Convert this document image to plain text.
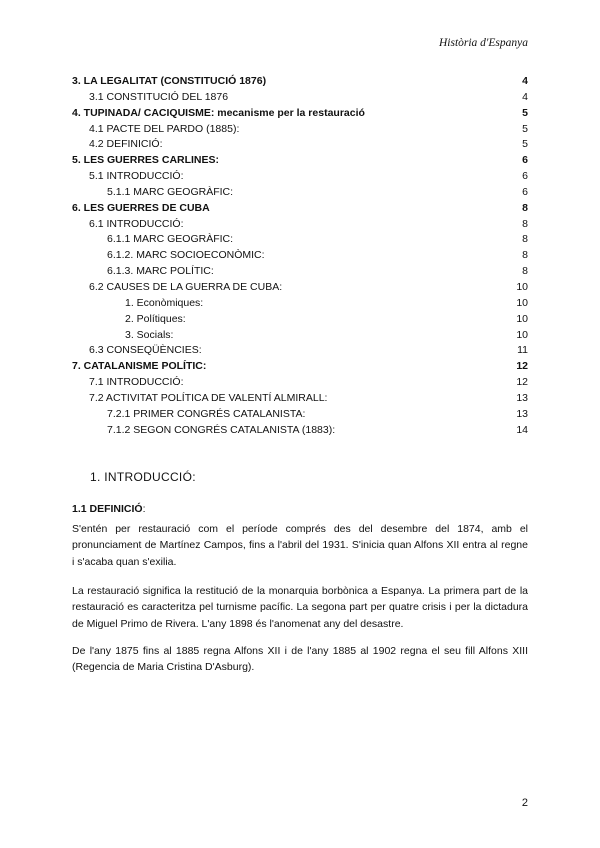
Història d'Espanya
3. LA LEGALITAT (CONSTITUCIÓ 1876)	4
3.1 CONSTITUCIÓ DEL 1876	4
4. TUPINADA/ CACIQUISME: mecanisme per la restauració	5
4.1 PACTE DEL PARDO (1885):	5
4.2 DEFINICIÓ:	5
5. LES GUERRES CARLINES:	6
5.1 INTRODUCCIÓ:	6
5.1.1 MARC GEOGRÀFIC:	6
6. LES GUERRES DE CUBA	8
6.1 INTRODUCCIÓ:	8
6.1.1 MARC GEOGRÀFIC:	8
6.1.2. MARC SOCIOECONÒMIC:	8
6.1.3. MARC POLÍTIC:	8
6.2 CAUSES DE LA GUERRA DE CUBA:	10
1. Econòmiques:	10
2. Polítiques:	10
3. Socials:	10
6.3 CONSEQÜÈNCIES:	11
7. CATALANISME POLÍTIC:	12
7.1 INTRODUCCIÓ:	12
7.2 ACTIVITAT POLÍTICA DE VALENTÍ ALMIRALL:	13
7.2.1 PRIMER CONGRÉS CATALANISTA:	13
7.1.2 SEGON CONGRÉS CATALANISTA (1883):	14
1. INTRODUCCIÓ:
1.1 DEFINICIÓ:

S'entén per restauració com el període comprés des del desembre del 1874, amb el pronunciament de Martínez Campos, fins a l'abril del 1931. S'inicia quan Alfons XII entra al regne i s'acaba quan s'exilia.

La restauració significa la restitució de la monarquia borbònica a Espanya. La primera part de la restauració es caracteritza pel turnisme pacífic. La segona part per quatre crisis i per la dictadura de Miguel Primo de Rivera. L'any 1898 és l'anomenat any del desastre.

De l'any 1875 fins al 1885 regna Alfons XII i de l'any 1885 al 1902 regna el seu fill Alfons XIII (Regencia de Maria Cristina D'Asburg).

2
